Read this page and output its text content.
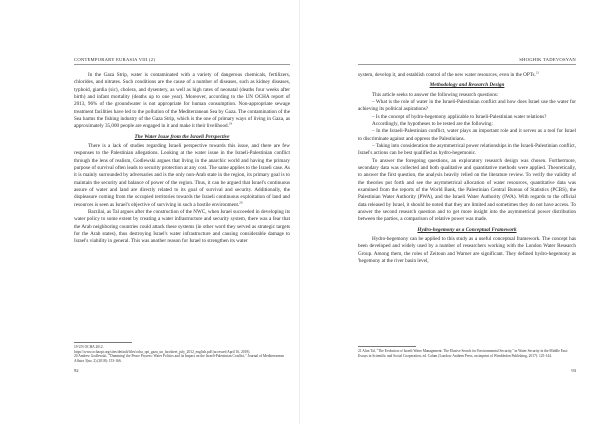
CONTEMPORARY EURASIA VIII (2)

In the Gaza Strip, water is contaminated with a variety of dangerous chemicals, fertilizers, chlorides, and nitrates. Such conditions are the cause of a number of diseases, such as kidney diseases, typhoid, giardia (sic), cholera, and dysentery, as well as high rates of neonatal (deaths four weeks after birth) and infant mortality (deaths up to one year). Moreover, according to the UN OCHA report of 2013, 96% of the groundwater is not appropriate for human consumption. Non-appropriate sewage treatment facilities have led to the pollution of the Mediterranean Sea by Gaza. The contamination of the Sea harms the fishing industry of the Gaza Strip, which is the one of primary ways of living in Gaza, as approximately 35,000 people are engaged in it and make it their livelihood.$^{19}$

The Water Issue from the Israeli Perspective

There is a lack of studies regarding Israeli perspective towards this issue, and there are few responses to the Palestinian allegations. Looking at the water issue in the Israeli-Palestinian conflict through the lens of realism, Godlewski argues that living in the anarchic world and having the primary purpose of survival often leads to security protection at any cost. The same applies to the Israeli case. As it is mainly surrounded by adversaries and is the only non-Arab state in the region, its primary goal is to maintain the security and balance of power of the region. Thus, it can be argued that Israel's continuous assure of water and land are directly related to its goal of survival and security. Additionally, the displeasure coming from the occupied territories towards the Israeli continuous exploitation of land and resources is seen as Israel's objective of surviving in such a hostile environment.$^{20}$

Barzilai, as Tal argues after the construction of the NWC, when Israel succeeded in developing its water policy to some extent by creating a water infrastructure and security system, there was a fear that the Arab neighboring countries could attack these systems (in other word they served as strategic targets for the Arab states), thus destroying Israel's water infrastructure and causing considerable damage to Israel's viability in general. This was another reason for Israel to strengthen its water

19 UN OCHA 2012.

https://www.ochaopt.org/sites/default/files/ocha_opt_gaza_un_factsheet_july_2012_english.pdf (accessed April 16, 2019).

20 Andrew Godlewski, "'Damming' the Peace Process: Water Politics and its Impact on the Israeli-Palestinian Conflict," Journal of Mediterranean Affairs 3(no. 2) (2018): 153-166.

92
SHOGHIK TADEVOSYAN

system, develop it, and establish control of the new water resources, even in the OPTs.$^{21}$

Methodology and Research Design

This article seeks to answer the following research questions:

– What is the role of water in the Israeli-Palestinian conflict and how does Israel use the water for achieving its political aspirations?

– Is the concept of hydro-hegemony applicable to Israeli-Palestinian water relations?

Accordingly, the hypotheses to be tested are the following:

– In the Israeli-Palestinian conflict, water plays an important role and it serves as a tool for Israel to discriminate against and oppress the Palestinians.

– Taking into consideration the asymmetrical power relationships in the Israeli-Palestinian conflict, Israel's actions can be best qualified as hydro-hegemonic.

To answer the foregoing questions, an exploratory research design was chosen. Furthermore, secondary data was collected and both qualitative and quantitative methods were applied. Theoretically, to answer the first question, the analysis heavily relied on the literature review. To verify the validity of the theories put forth and see the asymmetrical allocation of water resources, quantitative data was examined from the reports of the World Bank, the Palestinian Central Bureau of Statistics (PCBS), the Palestinian Water Authority (PWA), and the Israeli Water Authority (IWA). With regards to the official data released by Israel, it should be noted that they are limited and sometimes they do not have access. To answer the second research question and to get more insight into the asymmetrical power distribution between the parties, a comparison of relative power was made.

Hydro-hegemony as a Conceptual Framework

Hydro-hegemony can be applied to this study as a useful conceptual framework. The concept has been developed and widely used by a number of researchers working with the London Water Research Group. Among them, the roles of Zeitoun and Warner are significant. They defined hydro-hegemony as 'hegemony at the river basin level,

21 Alon Tal, "The Evolution of Israeli Water Management: The Elusive Search for Environmental Security," in Water Security in the Middle East: Essays in Scientific and Social Cooperation, ed. Calum (London: Anthem Press, an imprint of Wimbledon Publishing, 2017): 125-144.

93
